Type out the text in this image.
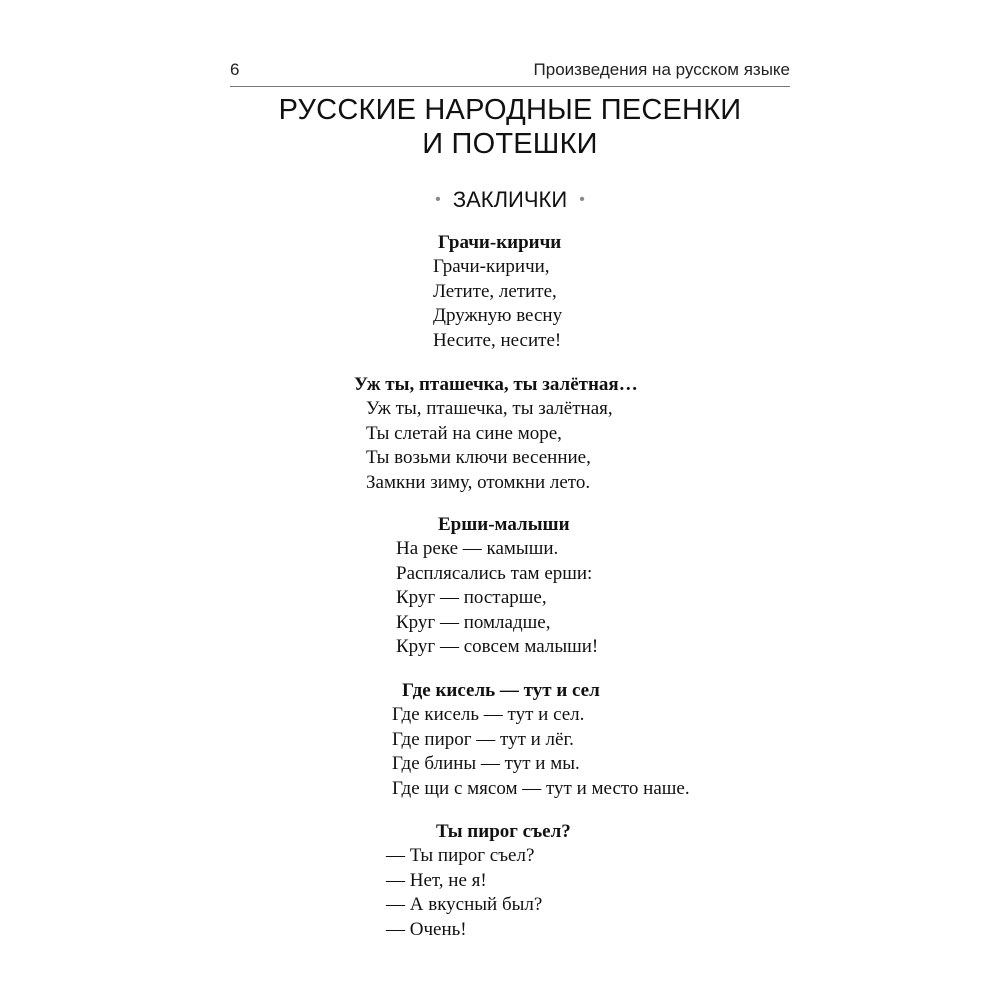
6	Произведения на русском языке
РУССКИЕ НАРОДНЫЕ ПЕСЕНКИ
И ПОТЕШКИ
• ЗАКЛИЧКИ •
Грачи-киричи
Грачи-киричи,
Летите, летите,
Дружную весну
Несите, несите!
Уж ты, пташечка, ты залётная…
Уж ты, пташечка, ты залётная,
Ты слетай на сине море,
Ты возьми ключи весенние,
Замкни зиму, отомкни лето.
Ерши-малыши
На реке — камыши.
Расплясались там ерши:
Круг — постарше,
Круг — помладше,
Круг — совсем малыши!
Где кисель — тут и сел
Где кисель — тут и сел.
Где пирог — тут и лёг.
Где блины — тут и мы.
Где щи с мясом — тут и место наше.
Ты пирог съел?
— Ты пирог съел?
— Нет, не я!
— А вкусный был?
— Очень!
